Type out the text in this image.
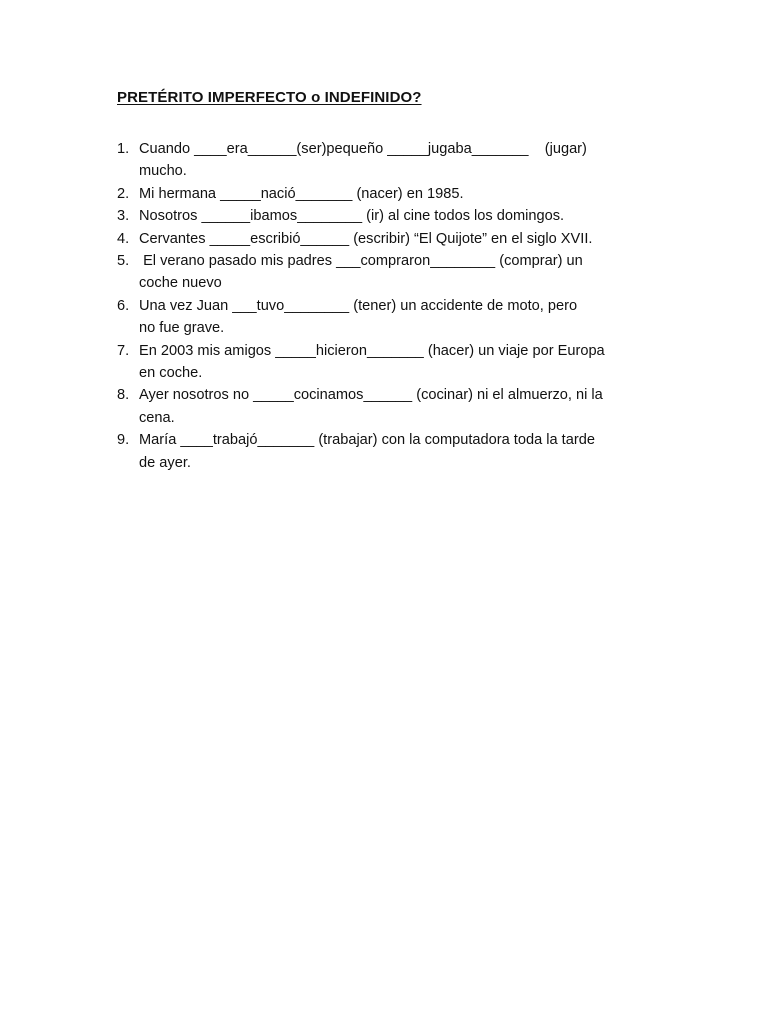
PRETÉRITO IMPERFECTO o INDEFINIDO?
1. Cuando ____era______(ser)pequeño _____jugaba_______    (jugar)
mucho.
2. Mi hermana _____nació_______ (nacer) en 1985.
3. Nosotros ______ibamos________ (ir) al cine todos los domingos.
4. Cervantes _____escribió______ (escribir) “El Quijote” en el siglo XVII.
5. El verano pasado mis padres ___compraron________ (comprar) un
coche nuevo
6. Una vez Juan ___tuvo________ (tener) un accidente de moto, pero
no fue grave.
7. En 2003 mis amigos _____hicieron_______ (hacer) un viaje por Europa
en coche.
8. Ayer nosotros no _____cocinamos______ (cocinar) ni el almuerzo, ni la
cena.
9. María ____trabajó_______ (trabajar) con la computadora toda la tarde
de ayer.
